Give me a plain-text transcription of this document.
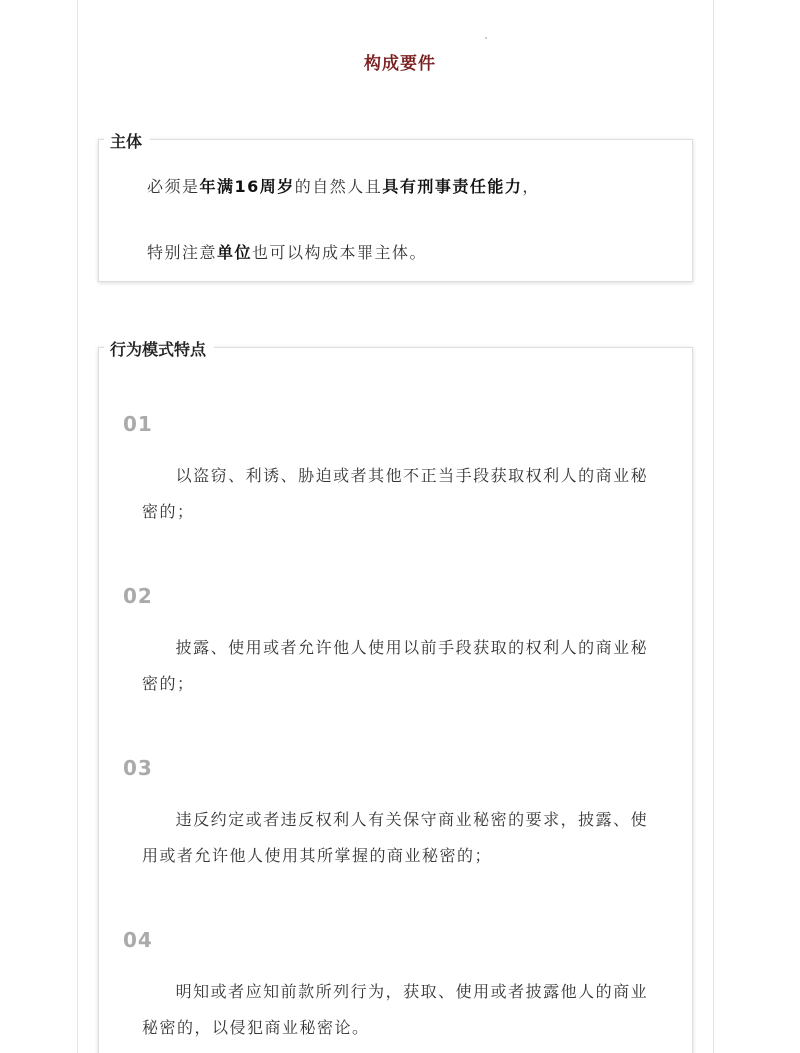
构成要件
必须是年满16周岁的自然人且具有刑事责任能力，
特别注意单位也可以构成本罪主体。
主体
01
以盗窃、利诱、胁迫或者其他不正当手段获取权利人的商业秘密的；
02
披露、使用或者允许他人使用以前手段获取的权利人的商业秘密的；
03
违反约定或者违反权利人有关保守商业秘密的要求，披露、使用或者允许他人使用其所掌握的商业秘密的；
04
明知或者应知前款所列行为，获取、使用或者披露他人的商业秘密的，以侵犯商业秘密论。
行为模式特点
